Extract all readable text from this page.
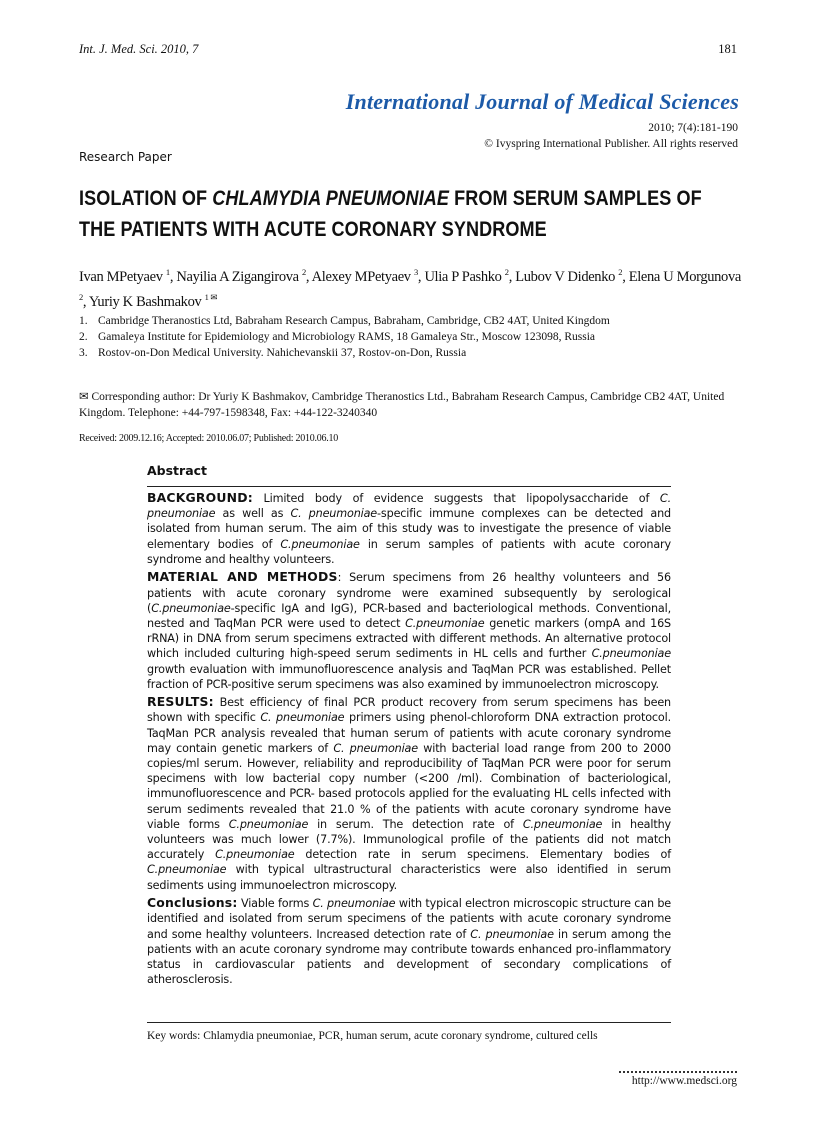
Int. J. Med. Sci. 2010, 7	181
International Journal of Medical Sciences
2010; 7(4):181-190
© Ivyspring International Publisher. All rights reserved
Research Paper
ISOLATION OF CHLAMYDIA PNEUMONIAE FROM SERUM SAMPLES OF THE PATIENTS WITH ACUTE CORONARY SYNDROME
Ivan MPetyaev $^1$, Nayilia A Zigangirova $^2$, Alexey MPetyaev $^3$, Ulia P Pashko $^2$, Lubov V Didenko $^2$, Elena U Morgunova $^2$, Yuriy K Bashmakov $^1$ ✉
1. Cambridge Theranostics Ltd, Babraham Research Campus, Babraham, Cambridge, CB2 4AT, United Kingdom
2. Gamaleya Institute for Epidemiology and Microbiology RAMS, 18 Gamaleya Str., Moscow 123098, Russia
3. Rostov-on-Don Medical University. Nahichevanskii 37, Rostov-on-Don, Russia
✉ Corresponding author: Dr Yuriy K Bashmakov, Cambridge Theranostics Ltd., Babraham Research Campus, Cambridge CB2 4AT, United Kingdom. Telephone: +44-797-1598348, Fax: +44-122-3240340
Received: 2009.12.16; Accepted: 2010.06.07; Published: 2010.06.10
Abstract

BACKGROUND: Limited body of evidence suggests that lipopolysaccharide of C. pneumoniae as well as C. pneumoniae-specific immune complexes can be detected and isolated from human serum. The aim of this study was to investigate the presence of viable elementary bodies of C.pneumoniae in serum samples of patients with acute coronary syndrome and healthy volunteers.

MATERIAL AND METHODS: Serum specimens from 26 healthy volunteers and 56 patients with acute coronary syndrome were examined subsequently by serological (C.pneumoniae-specific IgA and IgG), PCR-based and bacteriological methods. Conventional, nested and TaqMan PCR were used to detect C.pneumoniae genetic markers (ompA and 16S rRNA) in DNA from serum specimens extracted with different methods. An alternative protocol which included culturing high-speed serum sediments in HL cells and further C.pneumoniae growth evaluation with immunofluorescence analysis and TaqMan PCR was established. Pellet fraction of PCR-positive serum specimens was also examined by immunoelectron microscopy.

RESULTS: Best efficiency of final PCR product recovery from serum specimens has been shown with specific C. pneumoniae primers using phenol-chloroform DNA extraction protocol. TaqMan PCR analysis revealed that human serum of patients with acute coronary syndrome may contain genetic markers of C. pneumoniae with bacterial load range from 200 to 2000 copies/ml serum. However, reliability and reproducibility of TaqMan PCR were poor for serum specimens with low bacterial copy number (<200 /ml). Combination of bacteriological, immunofluorescence and PCR- based protocols applied for the evaluating HL cells infected with serum sediments revealed that 21.0 % of the patients with acute coronary syndrome have viable forms C.pneumoniae in serum. The detection rate of C.pneumoniae in healthy volunteers was much lower (7.7%). Immunological profile of the patients did not match accurately C.pneumoniae detection rate in serum specimens. Elementary bodies of C.pneumoniae with typical ultrastructural characteristics were also identified in serum sediments using immunoelectron microscopy.

Conclusions: Viable forms C. pneumoniae with typical electron microscopic structure can be identified and isolated from serum specimens of the patients with acute coronary syndrome and some healthy volunteers. Increased detection rate of C. pneumoniae in serum among the patients with an acute coronary syndrome may contribute towards enhanced pro-inflammatory status in cardiovascular patients and development of secondary complications of atherosclerosis.

Key words: Chlamydia pneumoniae, PCR, human serum, acute coronary syndrome, cultured cells
http://www.medsci.org
